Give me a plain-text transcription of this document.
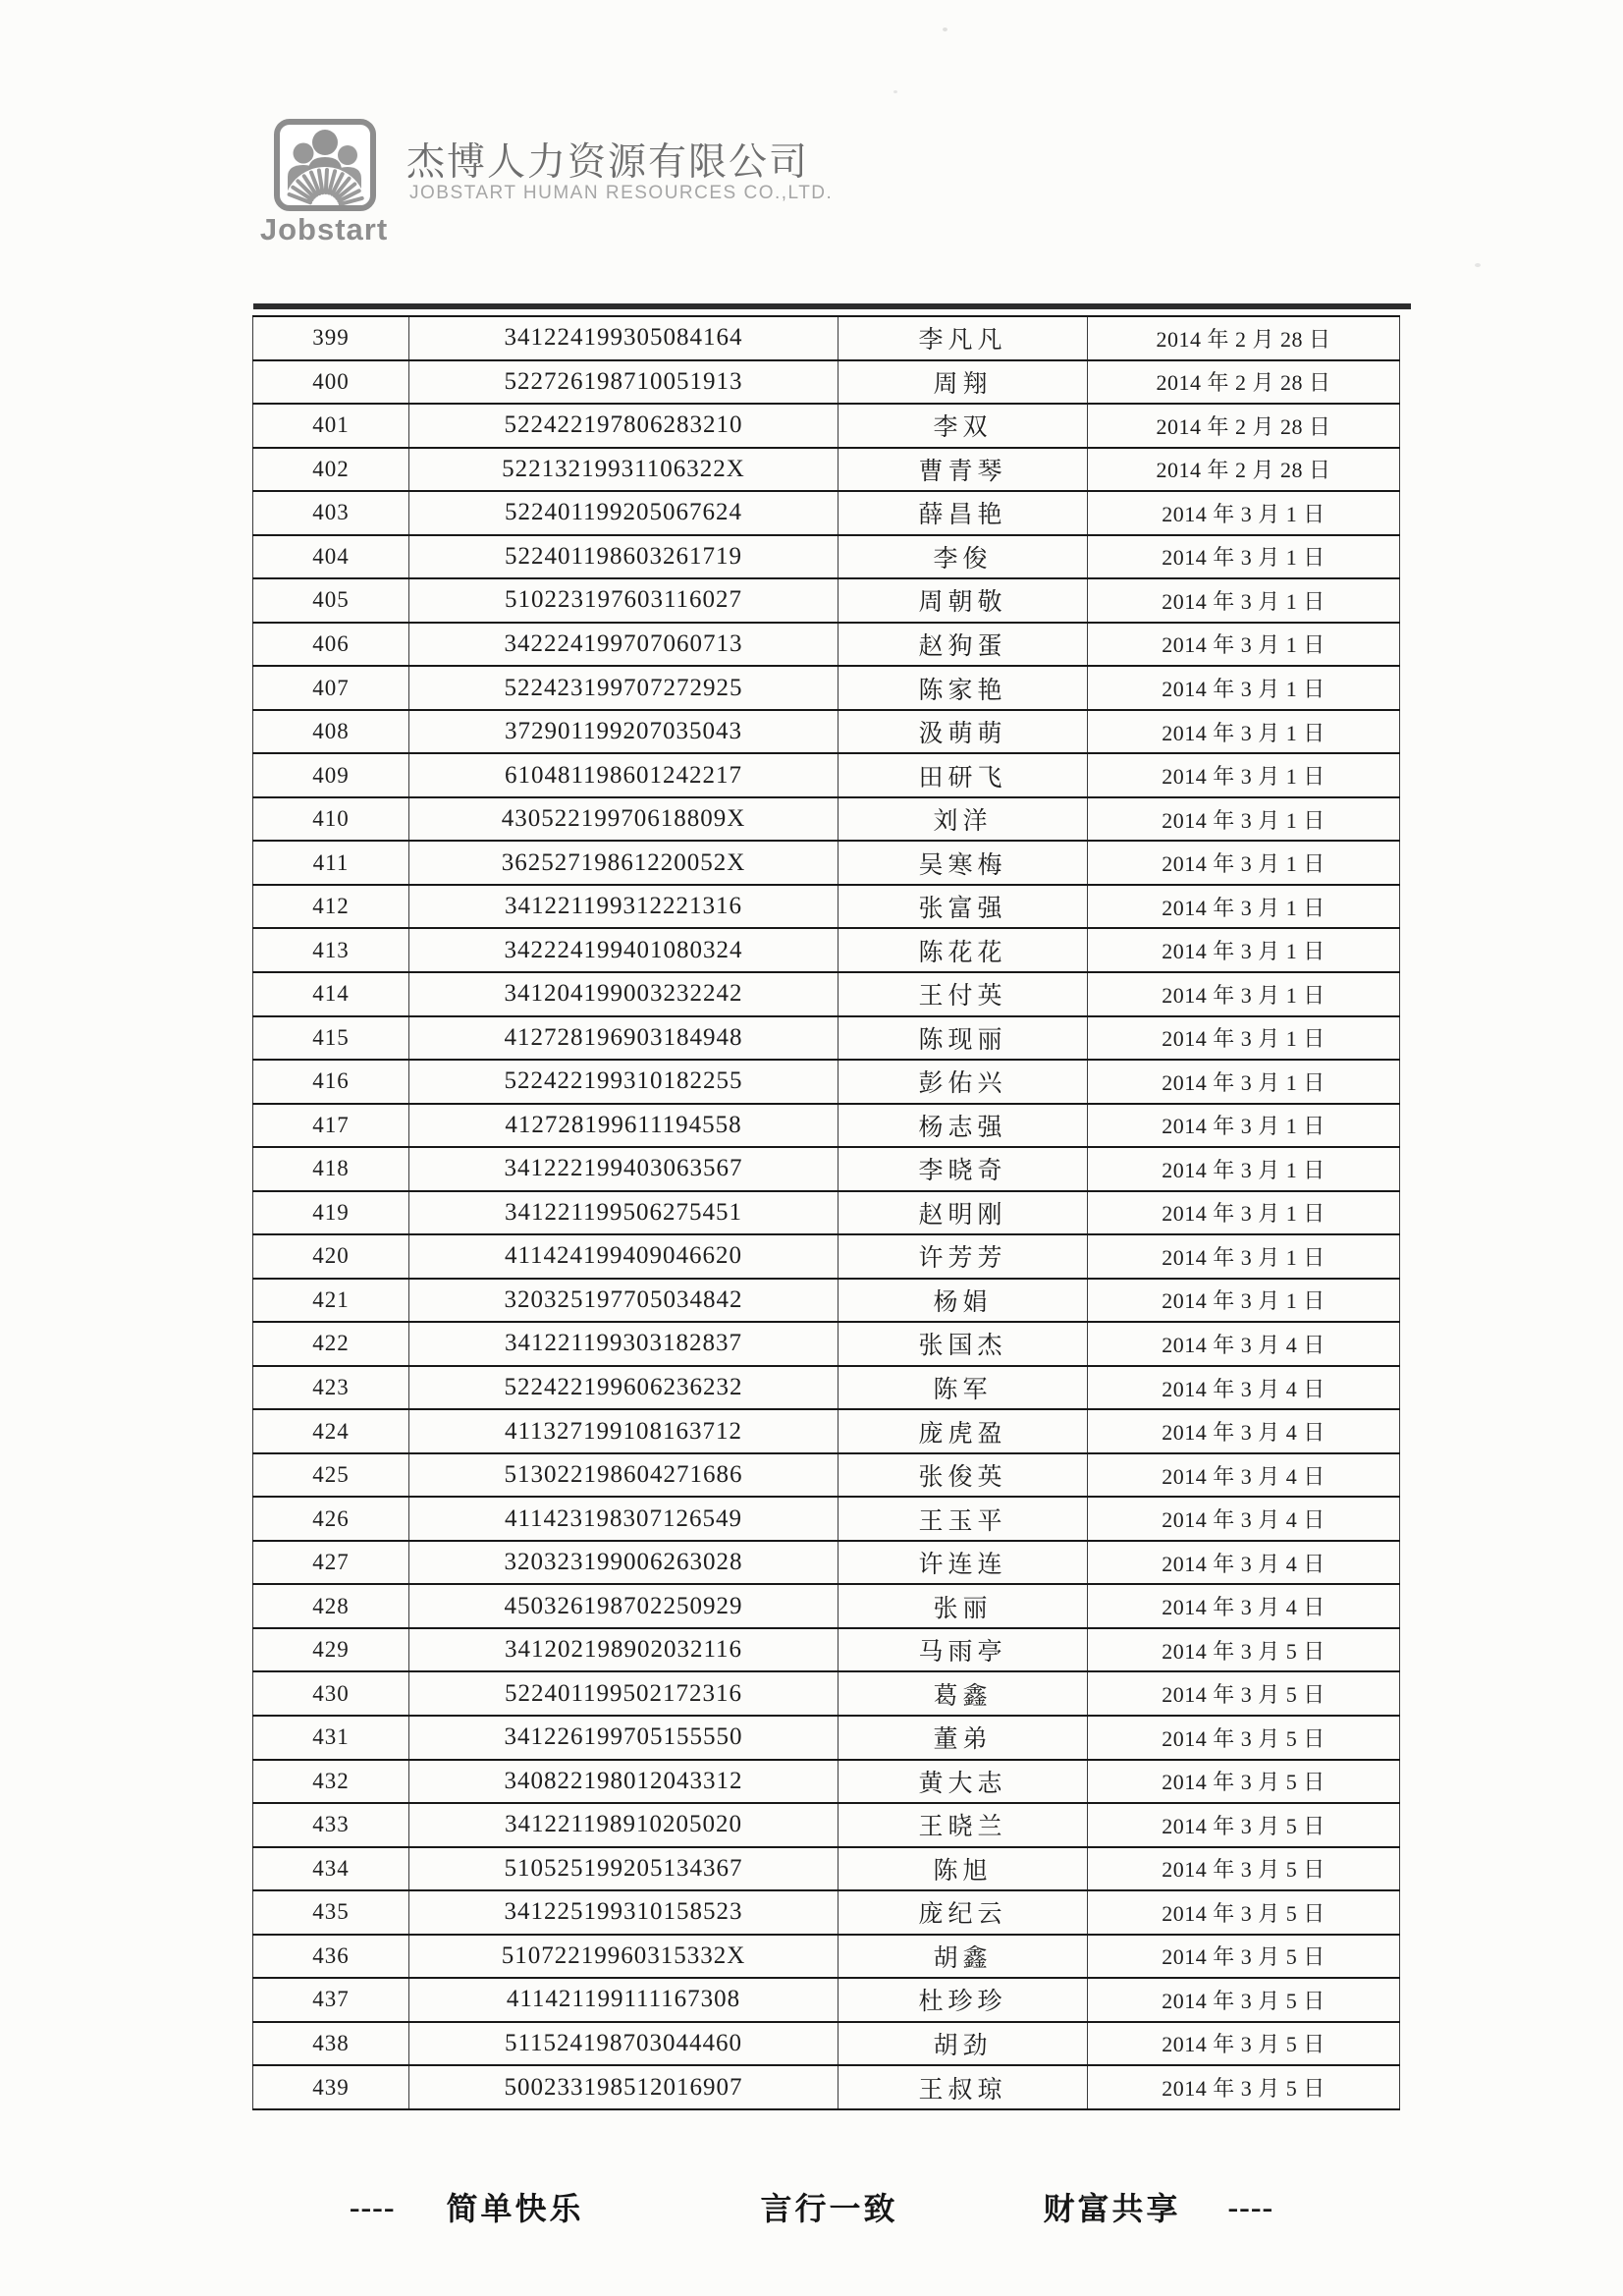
Jobstart
杰博人力资源有限公司
JOBSTART HUMAN RESOURCES CO.,LTD.
399	341224199305084164	李凡凡	2014 年 2 月 28 日
400	522726198710051913	周翔	2014 年 2 月 28 日
401	522422197806283210	李双	2014 年 2 月 28 日
402	52213219931106322X	曹青琴	2014 年 2 月 28 日
403	522401199205067624	薛昌艳	2014 年 3 月 1 日
404	522401198603261719	李俊	2014 年 3 月 1 日
405	510223197603116027	周朝敬	2014 年 3 月 1 日
406	342224199707060713	赵狗蛋	2014 年 3 月 1 日
407	522423199707272925	陈家艳	2014 年 3 月 1 日
408	372901199207035043	汲萌萌	2014 年 3 月 1 日
409	610481198601242217	田研飞	2014 年 3 月 1 日
410	43052219970618809X	刘洋	2014 年 3 月 1 日
411	36252719861220052X	吴寒梅	2014 年 3 月 1 日
412	341221199312221316	张富强	2014 年 3 月 1 日
413	342224199401080324	陈花花	2014 年 3 月 1 日
414	341204199003232242	王付英	2014 年 3 月 1 日
415	412728196903184948	陈现丽	2014 年 3 月 1 日
416	522422199310182255	彭佑兴	2014 年 3 月 1 日
417	412728199611194558	杨志强	2014 年 3 月 1 日
418	341222199403063567	李晓奇	2014 年 3 月 1 日
419	341221199506275451	赵明刚	2014 年 3 月 1 日
420	411424199409046620	许芳芳	2014 年 3 月 1 日
421	320325197705034842	杨娟	2014 年 3 月 1 日
422	341221199303182837	张国杰	2014 年 3 月 4 日
423	522422199606236232	陈军	2014 年 3 月 4 日
424	411327199108163712	庞虎盈	2014 年 3 月 4 日
425	513022198604271686	张俊英	2014 年 3 月 4 日
426	411423198307126549	王玉平	2014 年 3 月 4 日
427	320323199006263028	许连连	2014 年 3 月 4 日
428	450326198702250929	张丽	2014 年 3 月 4 日
429	341202198902032116	马雨亭	2014 年 3 月 5 日
430	522401199502172316	葛鑫	2014 年 3 月 5 日
431	341226199705155550	董弟	2014 年 3 月 5 日
432	340822198012043312	黄大志	2014 年 3 月 5 日
433	341221198910205020	王晓兰	2014 年 3 月 5 日
434	510525199205134367	陈旭	2014 年 3 月 5 日
435	341225199310158523	庞纪云	2014 年 3 月 5 日
436	51072219960315332X	胡鑫	2014 年 3 月 5 日
437	411421199111167308	杜珍珍	2014 年 3 月 5 日
438	511524198703044460	胡劲	2014 年 3 月 5 日
439	500233198512016907	王叔琼	2014 年 3 月 5 日
---- 简单快乐	言行一致	财富共享 ----
